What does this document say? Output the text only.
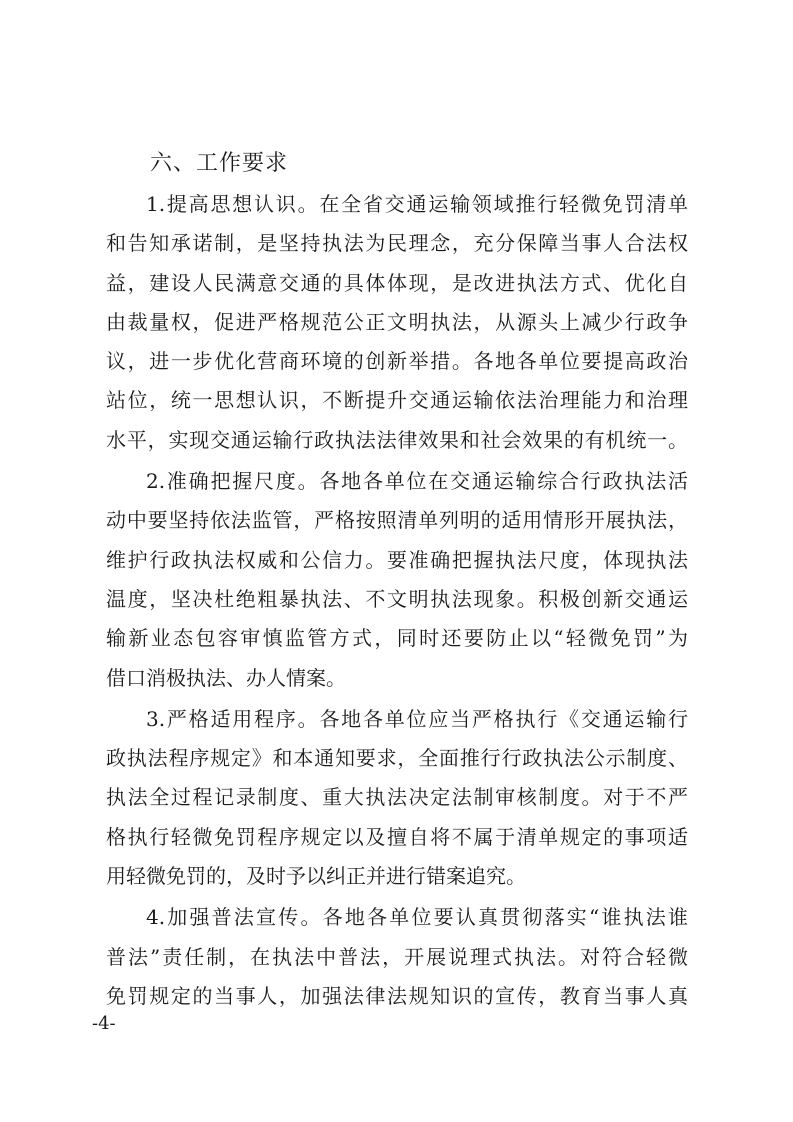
六、工作要求
1.提高思想认识。在全省交通运输领域推行轻微免罚清单
和告知承诺制，是坚持执法为民理念，充分保障当事人合法权
益，建设人民满意交通的具体体现，是改进执法方式、优化自
由裁量权，促进严格规范公正文明执法，从源头上减少行政争
议，进一步优化营商环境的创新举措。各地各单位要提高政治
站位，统一思想认识，不断提升交通运输依法治理能力和治理
水平，实现交通运输行政执法法律效果和社会效果的有机统一。
2.准确把握尺度。各地各单位在交通运输综合行政执法活
动中要坚持依法监管，严格按照清单列明的适用情形开展执法，
维护行政执法权威和公信力。要准确把握执法尺度，体现执法
温度，坚决杜绝粗暴执法、不文明执法现象。积极创新交通运
输新业态包容审慎监管方式，同时还要防止以“轻微免罚”为
借口消极执法、办人情案。
3.严格适用程序。各地各单位应当严格执行《交通运输行
政执法程序规定》和本通知要求，全面推行行政执法公示制度、
执法全过程记录制度、重大执法决定法制审核制度。对于不严
格执行轻微免罚程序规定以及擅自将不属于清单规定的事项适
用轻微免罚的，及时予以纠正并进行错案追究。
4.加强普法宣传。各地各单位要认真贯彻落实“谁执法谁
普法”责任制，在执法中普法，开展说理式执法。对符合轻微
免罚规定的当事人，加强法律法规知识的宣传，教育当事人真
-4-
